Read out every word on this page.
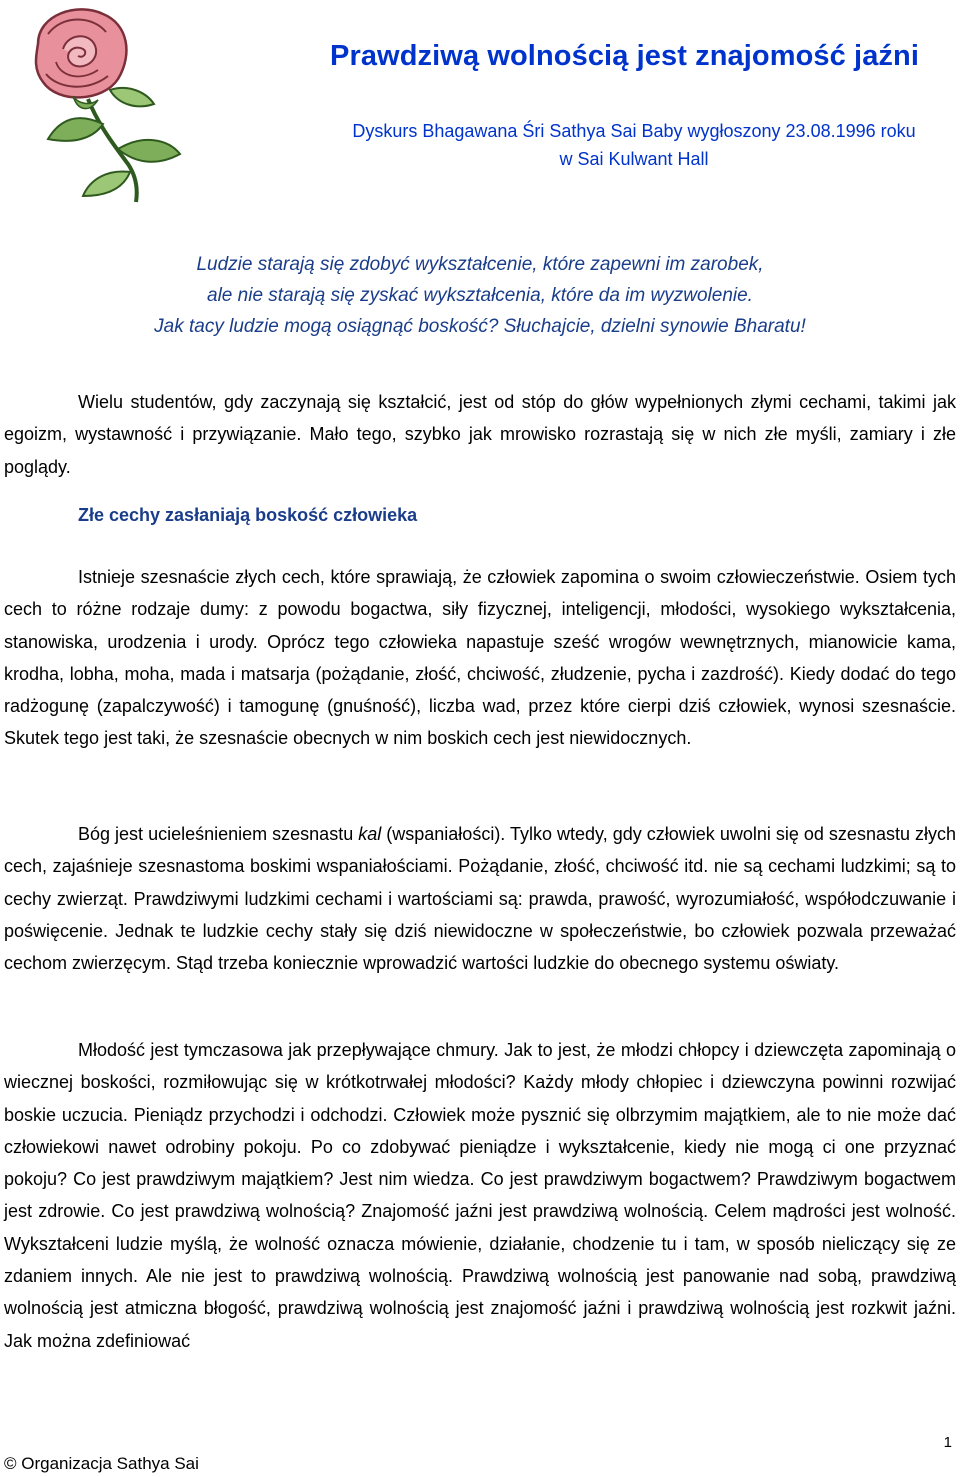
Prawdziwą wolnością jest znajomość jaźni
Dyskurs Bhagawana Śri Sathya Sai Baby wygłoszony 23.08.1996 roku
w Sai Kulwant Hall
Ludzie starają się zdobyć wykształcenie, które zapewni im zarobek,
ale nie starają się zyskać wykształcenia, które da im wyzwolenie.
Jak tacy ludzie mogą osiągnąć boskość? Słuchajcie, dzielni synowie Bharatu!

Wielu studentów, gdy zaczynają się kształcić, jest od stóp do głów wypełnionych złymi cechami, takimi jak egoizm, wystawność i przywiązanie. Mało tego, szybko jak mrowisko rozrastają się w nich złe myśli, zamiary i złe poglądy.

Złe cechy zasłaniają boskość człowieka

Istnieje szesnaście złych cech, które sprawiają, że człowiek zapomina o swoim człowieczeństwie. Osiem tych cech to różne rodzaje dumy: z powodu bogactwa, siły fizycznej, inteligencji, młodości, wysokiego wykształcenia, stanowiska, urodzenia i urody. Oprócz tego człowieka napastuje sześć wrogów wewnętrznych, mianowicie kama, krodha, lobha, moha, mada i matsarja (pożądanie, złość, chciwość, złudzenie, pycha i zazdrość). Kiedy dodać do tego radżogunę (zapalczywość) i tamogunę (gnuśność), liczba wad, przez które cierpi dziś człowiek, wynosi szesnaście. Skutek tego jest taki, że szesnaście obecnych w nim boskich cech jest niewidocznych.

Bóg jest ucieleśnieniem szesnastu kal (wspaniałości). Tylko wtedy, gdy człowiek uwolni się od szesnastu złych cech, zajaśnieje szesnastoma boskimi wspaniałościami. Pożądanie, złość, chciwość itd. nie są cechami ludzkimi; są to cechy zwierząt. Prawdziwymi ludzkimi cechami i wartościami są: prawda, prawość, wyrozumiałość, współodczuwanie i poświęcenie. Jednak te ludzkie cechy stały się dziś niewidoczne w społeczeństwie, bo człowiek pozwala przeważać cechom zwierzęcym. Stąd trzeba koniecznie wprowadzić wartości ludzkie do obecnego systemu oświaty.

Młodość jest tymczasowa jak przepływające chmury. Jak to jest, że młodzi chłopcy i dziewczęta zapominają o wiecznej boskości, rozmiłowując się w krótkotrwałej młodości? Każdy młody chłopiec i dziewczyna powinni rozwijać boskie uczucia. Pieniądz przychodzi i odchodzi. Człowiek może pysznić się olbrzymim majątkiem, ale to nie może dać człowiekowi nawet odrobiny pokoju. Po co zdobywać pieniądze i wykształcenie, kiedy nie mogą ci one przyznać pokoju? Co jest prawdziwym majątkiem? Jest nim wiedza. Co jest prawdziwym bogactwem? Prawdziwym bogactwem jest zdrowie. Co jest prawdziwą wolnością? Znajomość jaźni jest prawdziwą wolnością. Celem mądrości jest wolność. Wykształceni ludzie myślą, że wolność oznacza mówienie, działanie, chodzenie tu i tam, w sposób nieliczący się ze zdaniem innych. Ale nie jest to prawdziwą wolnością. Prawdziwą wolnością jest panowanie nad sobą, prawdziwą wolnością jest atmiczna błogość, prawdziwą wolnością jest znajomość jaźni i prawdziwą wolnością jest rozkwit jaźni. Jak można zdefiniować

1
© Organizacja Sathya Sai
